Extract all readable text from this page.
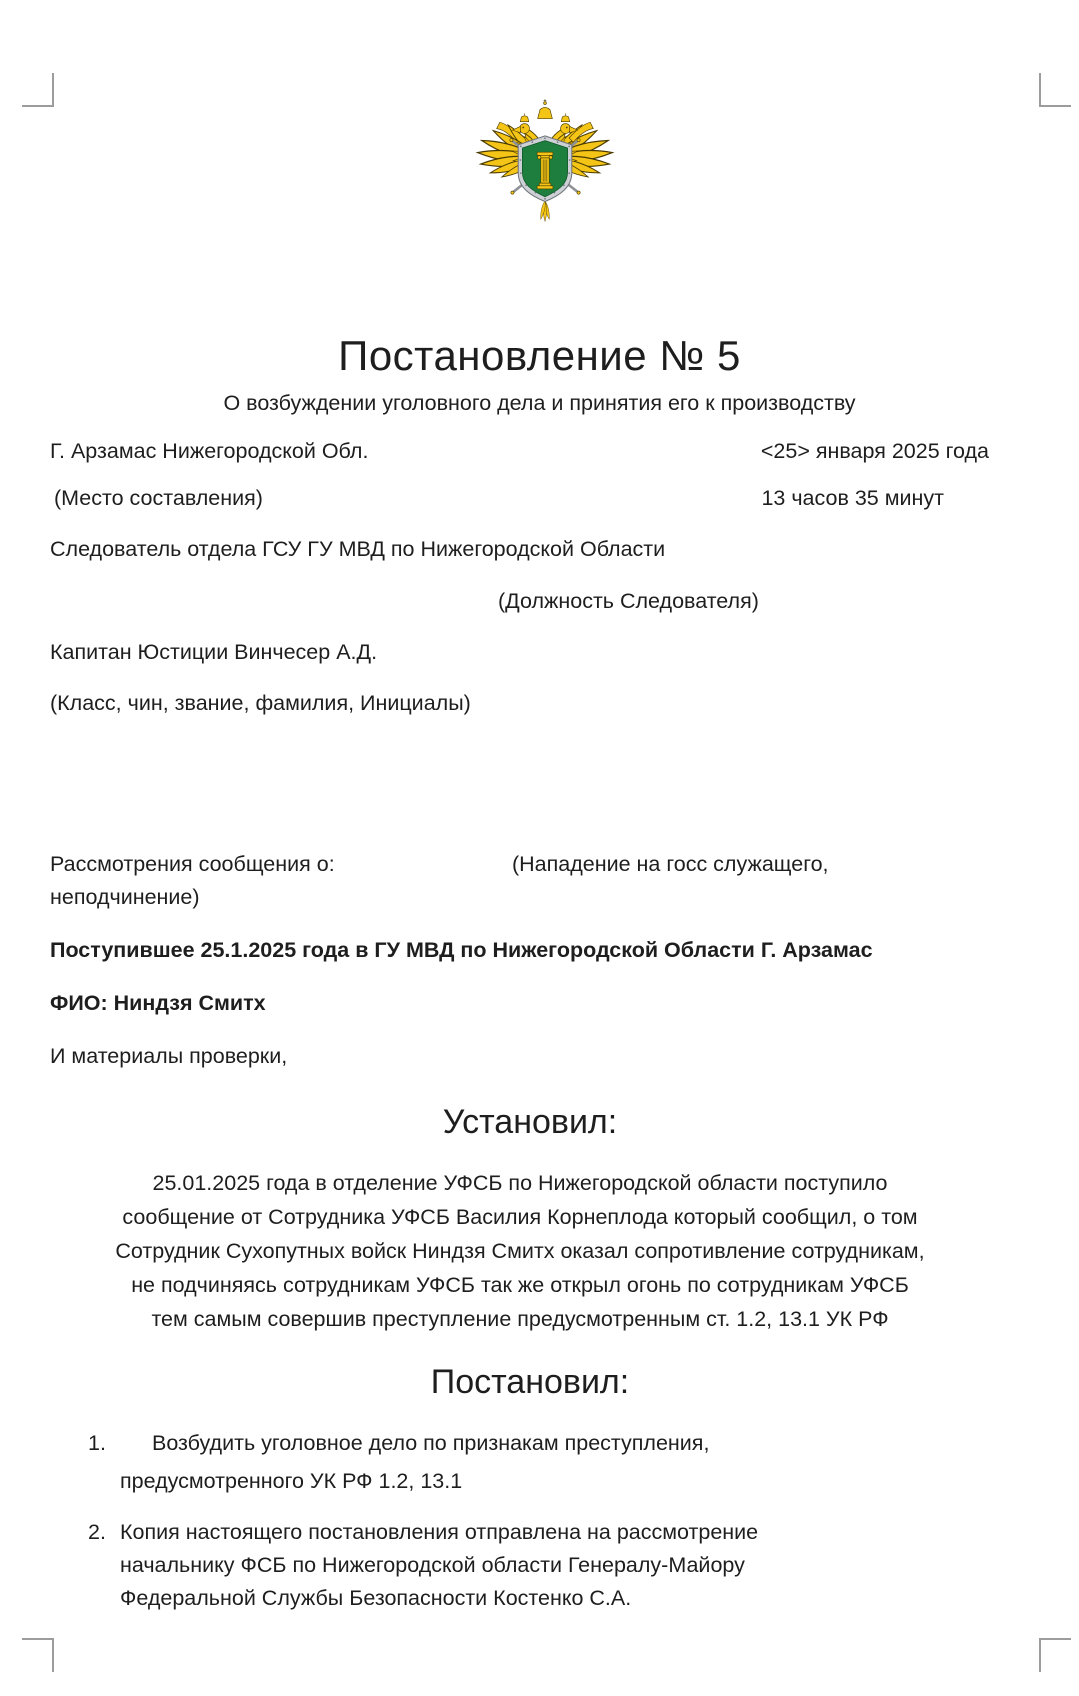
Постановление № 5
О возбуждении уголовного дела и принятия его к производству
Г. Арзамас Нижегородской Обл.	<25> января 2025 года
(Место составления)	13 часов 35 минут
Следователь отдела ГСУ ГУ МВД по Нижегородской Области
(Должность Следователя)
Капитан Юстиции Винчесер А.Д.
(Класс, чин, звание, фамилия, Инициалы)
Рассмотрения сообщения о:	(Нападение на госс служащего,
неподчинение)
Поступившее 25.1.2025 года в ГУ МВД по Нижегородской Области Г. Арзамас
ФИО: Ниндзя Смитх
И материалы проверки,
Установил:
25.01.2025 года в отделение УФСБ по Нижегородской области поступило
сообщение от Сотрудника УФСБ Василия Корнеплода который сообщил, о том
Сотрудник Сухопутных войск Ниндзя Смитх оказал сопротивление сотрудникам,
не подчиняясь сотрудникам УФСБ так же открыл огонь по сотрудникам УФСБ
тем самым совершив преступление предусмотренным ст. 1.2, 13.1 УК РФ
Постановил:
1.	Возбудить уголовное дело по признакам преступления,
предусмотренного УК РФ 1.2, 13.1
2. Копия настоящего постановления отправлена на рассмотрение
начальнику ФСБ по Нижегородской области Генералу-Майору
Федеральной Службы Безопасности Костенко С.А.
